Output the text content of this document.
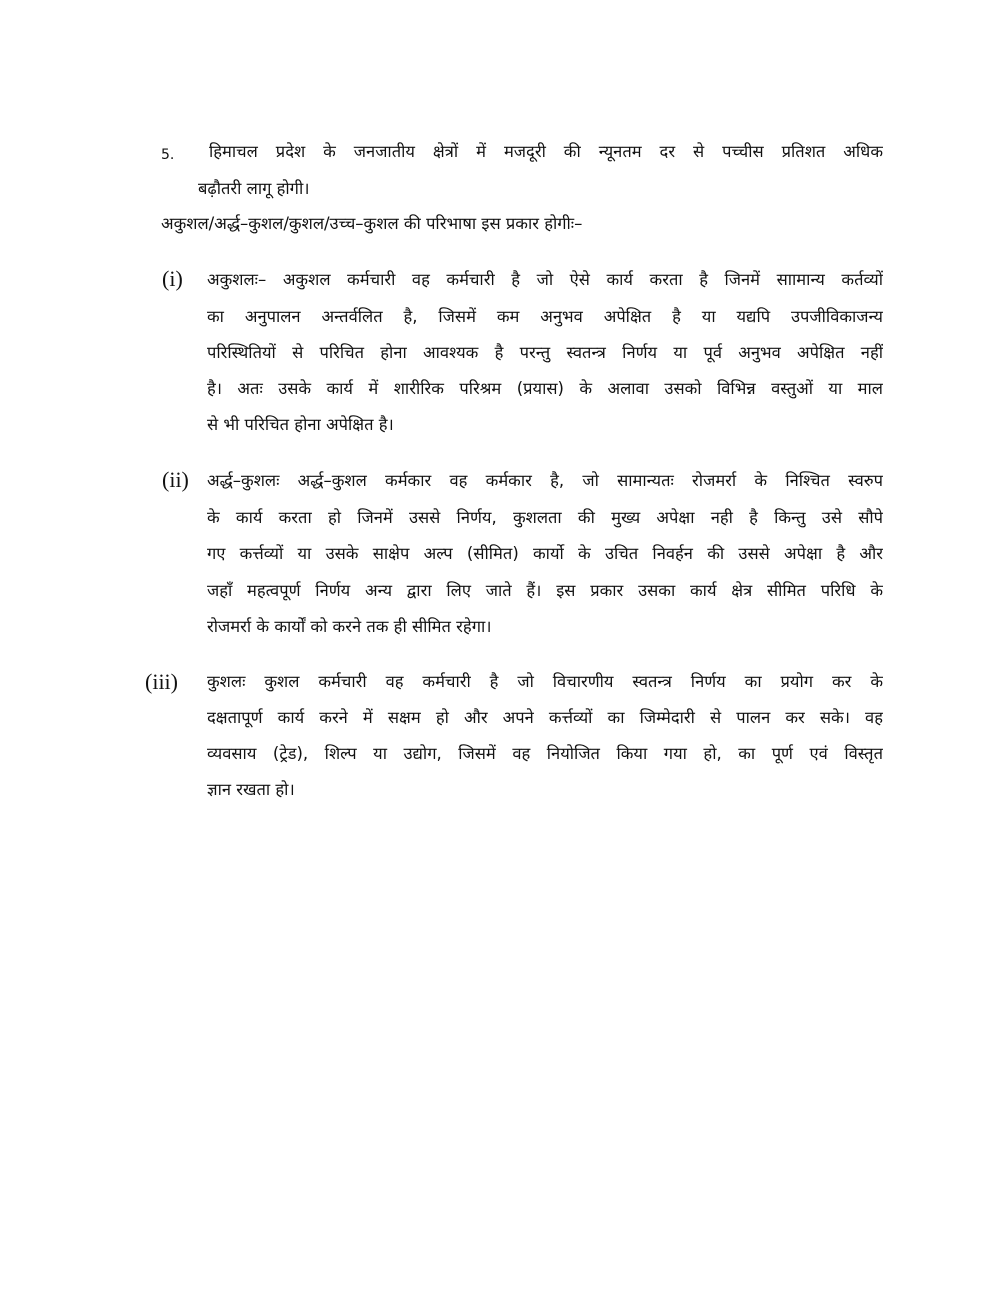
5. हिमाचल प्रदेश के जनजातीय क्षेत्रों में मजदूरी की न्यूनतम दर से पच्चीस प्रतिशत अधिक
बढ़ौतरी लागू होगी।
अकुशल/अर्द्ध–कुशल/कुशल/उच्च–कुशल की परिभाषा इस प्रकार होगीः–
(i) अकुशलः– अकुशल कर्मचारी वह कर्मचारी है जो ऐसे कार्य करता है जिनमें साामान्य कर्तव्यों
का अनुपालन अन्तर्वलित है, जिसमें कम अनुभव अपेक्षित है या यद्यपि उपजीविकाजन्य
परिस्थितियों से परिचित होना आवश्यक है परन्तु स्वतन्त्र निर्णय या पूर्व अनुभव अपेक्षित नहीं
है। अतः उसके कार्य में शारीरिक परिश्रम (प्रयास) के अलावा उसको विभिन्न वस्तुओं या माल
से भी परिचित होना अपेक्षित है।
(ii) अर्द्ध–कुशलः अर्द्ध–कुशल कर्मकार वह कर्मकार है, जो सामान्यतः रोजमर्रा के निश्चित स्वरुप
के कार्य करता हो जिनमें उससे निर्णय, कुशलता की मुख्य अपेक्षा नही है किन्तु उसे सौपे
गए कर्त्तव्यों या उसके साक्षेप अल्प (सीमित) कार्यो के उचित निवर्हन की उससे अपेक्षा है और
जहॉं महत्वपूर्ण निर्णय अन्य द्वारा लिए जाते हैं। इस प्रकार उसका कार्य क्षेत्र सीमित परिधि के
रोजमर्रा के कार्यों को करने तक ही सीमित रहेगा।
(iii) कुशलः कुशल कर्मचारी वह कर्मचारी है जो विचारणीय स्वतन्त्र निर्णय का प्रयोग कर के
दक्षतापूर्ण कार्य करने में सक्षम हो और अपने कर्त्तव्यों का जिम्मेदारी से पालन कर सके। वह
व्यवसाय (ट्रेड), शिल्प या उद्योग, जिसमें वह नियोजित किया गया हो, का पूर्ण एवं विस्तृत
ज्ञान रखता हो।
